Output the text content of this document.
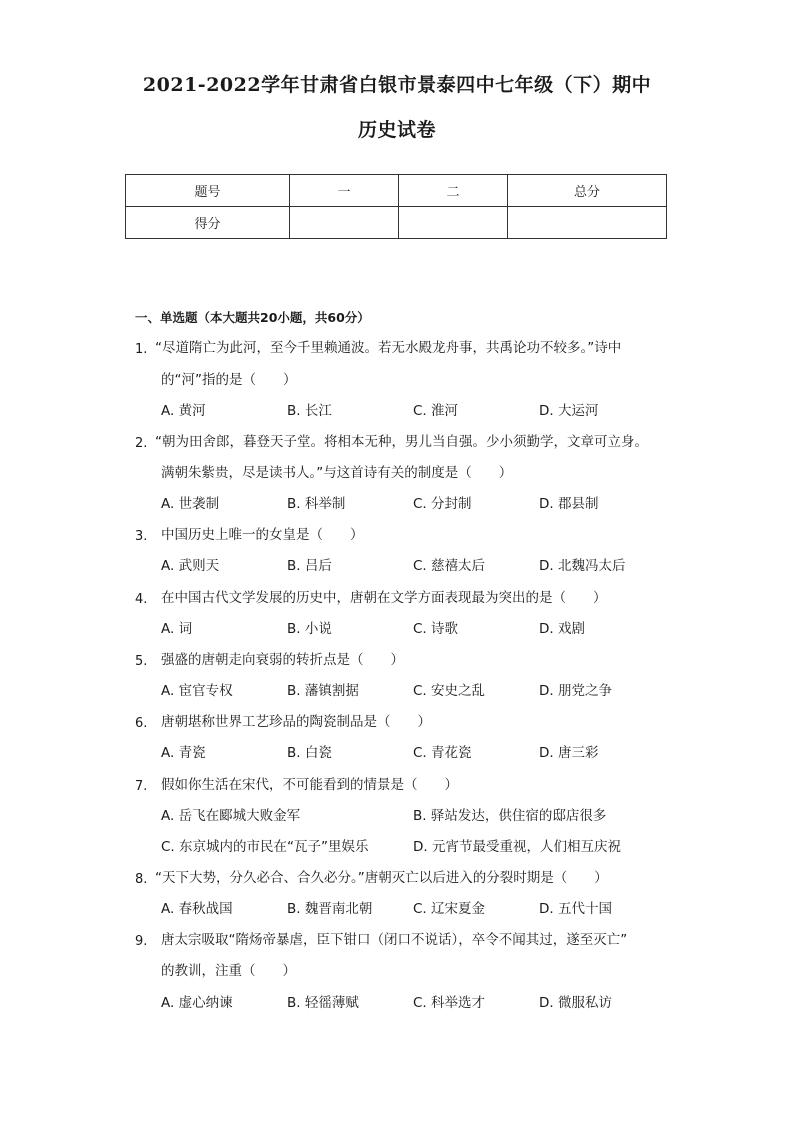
2021-2022学年甘肃省白银市景泰四中七年级（下）期中
历史试卷
题号	一	二	总分
得分			
一、单选题（本大题共20小题，共60分）
1. “尽道隋亡为此河，至今千里赖通波。若无水殿龙舟事，共禹论功不较多。”诗中
的“河”指的是（　　）
A. 黄河	B. 长江	C. 淮河	D. 大运河
2. “朝为田舍郎，暮登天子堂。将相本无种，男儿当自强。少小须勤学，文章可立身。
满朝朱紫贵，尽是读书人。”与这首诗有关的制度是（　　）
A. 世袭制	B. 科举制	C. 分封制	D. 郡县制
3. 中国历史上唯一的女皇是（　　）
A. 武则天	B. 吕后	C. 慈禧太后	D. 北魏冯太后
4. 在中国古代文学发展的历史中，唐朝在文学方面表现最为突出的是（　　）
A. 词	B. 小说	C. 诗歌	D. 戏剧
5. 强盛的唐朝走向衰弱的转折点是（　　）
A. 宦官专权	B. 藩镇割据	C. 安史之乱	D. 朋党之争
6. 唐朝堪称世界工艺珍品的陶瓷制品是（　　）
A. 青瓷	B. 白瓷	C. 青花瓷	D. 唐三彩
7. 假如你生活在宋代，不可能看到的情景是（　　）
A. 岳飞在郾城大败金军	B. 驿站发达，供住宿的邸店很多
C. 东京城内的市民在“瓦子”里娱乐	D. 元宵节最受重视，人们相互庆祝
8. “天下大势，分久必合、合久必分。”唐朝灭亡以后进入的分裂时期是（　　）
A. 春秋战国	B. 魏晋南北朝	C. 辽宋夏金	D. 五代十国
9. 唐太宗吸取“隋炀帝暴虐，臣下钳口（闭口不说话），卒令不闻其过，遂至灭亡”
的教训，注重（　　）
A. 虚心纳谏	B. 轻徭薄赋	C. 科举选才	D. 微服私访
